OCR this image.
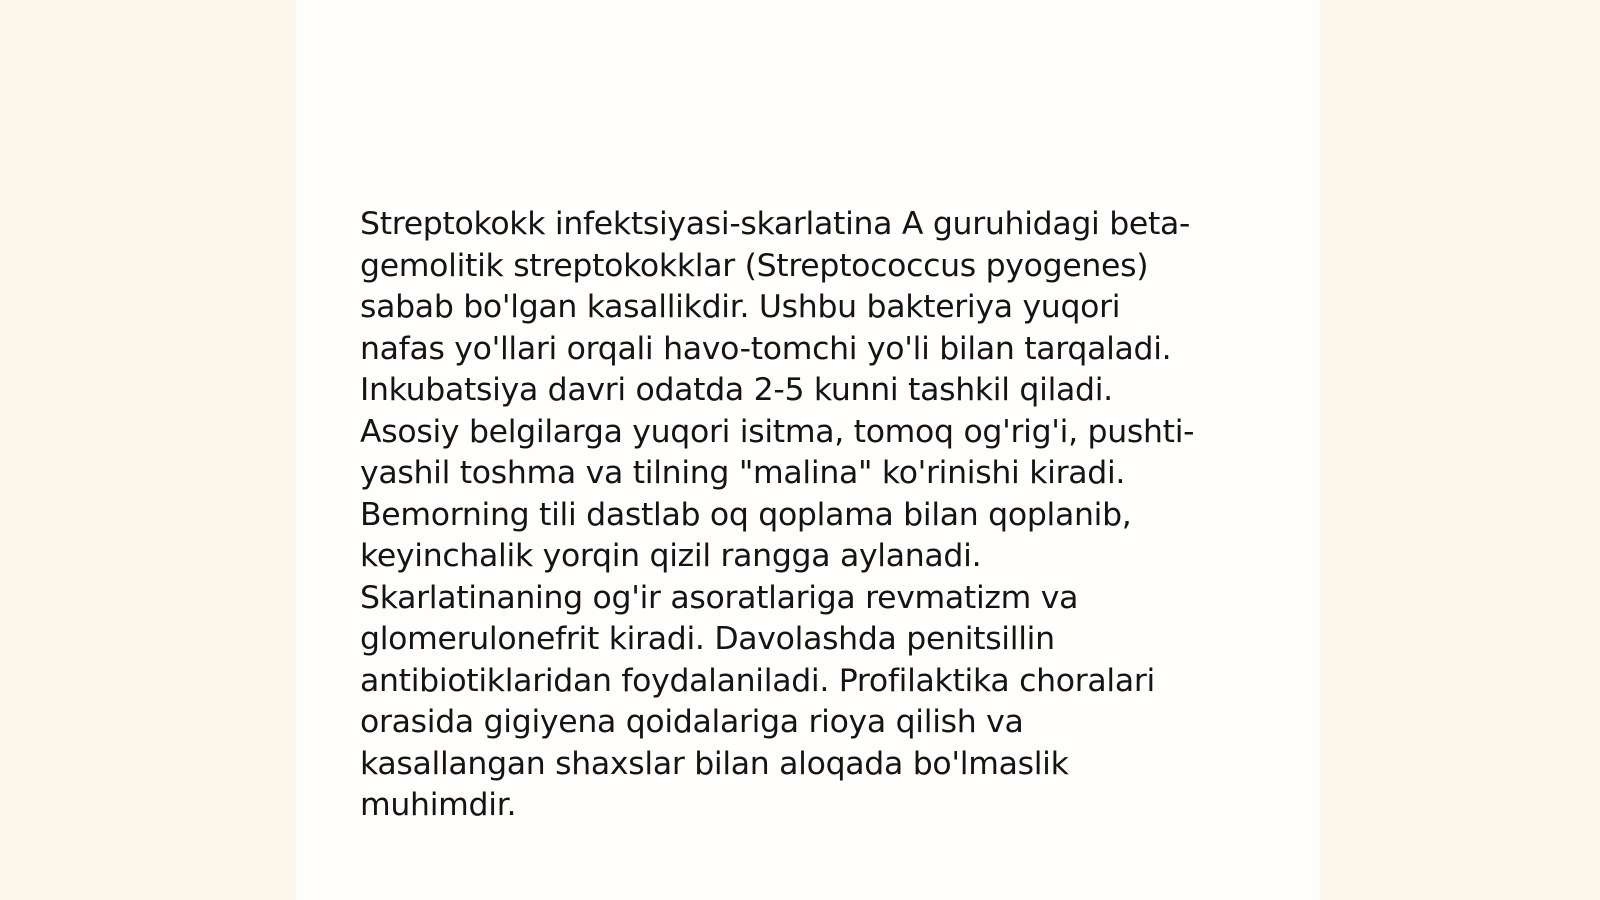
Streptokokk infektsiyasi-skarlatina A guruhidagi beta-
gemolitik streptokokklar (Streptococcus pyogenes)
sabab bo'lgan kasallikdir. Ushbu bakteriya yuqori
nafas yo'llari orqali havo-tomchi yo'li bilan tarqaladi.
Inkubatsiya davri odatda 2-5 kunni tashkil qiladi.
Asosiy belgilarga yuqori isitma, tomoq og'rig'i, pushti-
yashil toshma va tilning "malina" ko'rinishi kiradi.
Bemorning tili dastlab oq qoplama bilan qoplanib,
keyinchalik yorqin qizil rangga aylanadi.
Skarlatinaning og'ir asoratlariga revmatizm va
glomerulonefrit kiradi. Davolashda penitsillin
antibiotiklaridan foydalaniladi. Profilaktika choralari
orasida gigiyena qoidalariga rioya qilish va
kasallangan shaxslar bilan aloqada bo'lmaslik
muhimdir.
